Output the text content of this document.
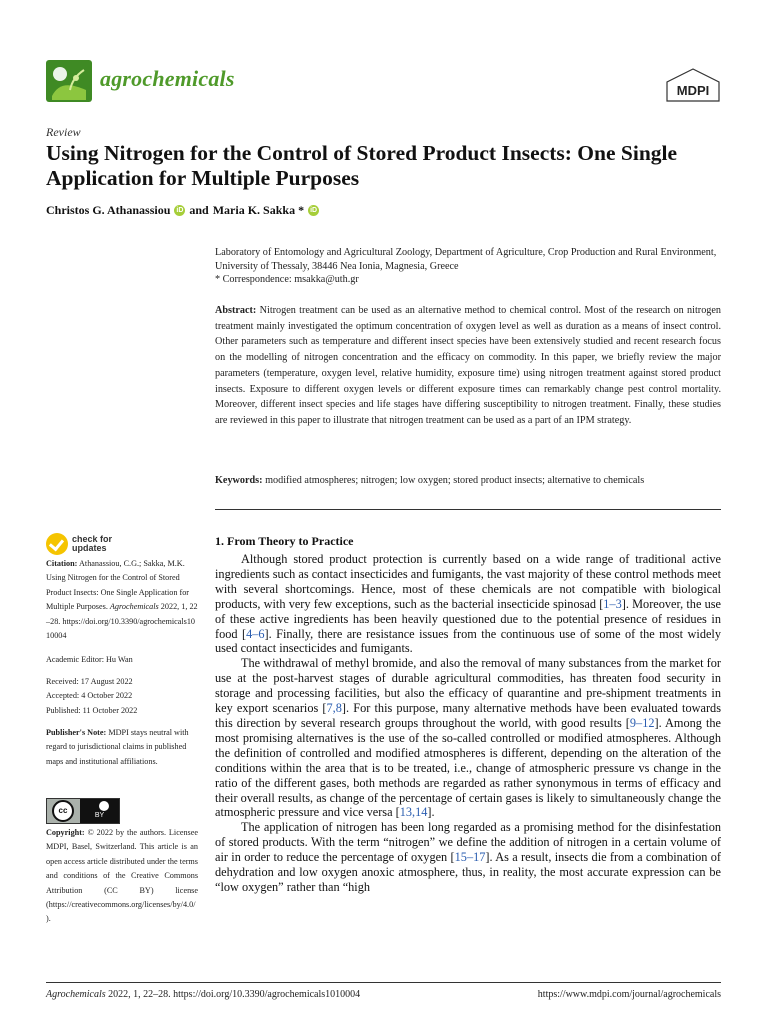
agrochemicals	MDPI
Review
Using Nitrogen for the Control of Stored Product Insects: One Single Application for Multiple Purposes
Christos G. Athanassiou iD and Maria K. Sakka * iD
Laboratory of Entomology and Agricultural Zoology, Department of Agriculture, Crop Production and Rural Environment, University of Thessaly, 38446 Nea Ionia, Magnesia, Greece
* Correspondence: msakka@uth.gr
Abstract: Nitrogen treatment can be used as an alternative method to chemical control. Most of the research on nitrogen treatment mainly investigated the optimum concentration of oxygen level as well as duration as a means of insect control. Other parameters such as temperature and different insect species have been extensively studied and recent research focus on the modelling of nitrogen concentration and the efficacy on commodity. In this paper, we briefly review the major parameters (temperature, oxygen level, relative humidity, exposure time) using nitrogen treatment against stored product insects. Exposure to different oxygen levels or different exposure times can remarkably change pest control mortality. Moreover, different insect species and life stages have differing susceptibility to nitrogen treatment. Finally, these studies are reviewed in this paper to illustrate that nitrogen treatment can be used as a part of an IPM strategy.
Keywords: modified atmospheres; nitrogen; low oxygen; stored product insects; alternative to chemicals
check for
updates
Citation: Athanassiou, C.G.; Sakka, M.K. Using Nitrogen for the Control of Stored Product Insects: One Single Application for Multiple Purposes. Agrochemicals 2022, 1, 22–28. https://doi.org/10.3390/agrochemicals1010004
Academic Editor: Hu Wan
Received: 17 August 2022
Accepted: 4 October 2022
Published: 11 October 2022
Publisher's Note: MDPI stays neutral with regard to jurisdictional claims in published maps and institutional affiliations.
cc
BY
Copyright: © 2022 by the authors. Licensee MDPI, Basel, Switzerland. This article is an open access article distributed under the terms and conditions of the Creative Commons Attribution (CC BY) license (https://creativecommons.org/licenses/by/4.0/).
1. From Theory to Practice

Although stored product protection is currently based on a wide range of traditional active ingredients such as contact insecticides and fumigants, the vast majority of these control methods meet with several shortcomings. Hence, most of these chemicals are not compatible with biological products, with very few exceptions, such as the bacterial insecticide spinosad [1–3]. Moreover, the use of these active ingredients has been heavily questioned due to the potential presence of residues in food [4–6]. Finally, there are resistance issues from the continuous use of some of the most widely used contact insecticides and fumigants.

The withdrawal of methyl bromide, and also the removal of many substances from the market for use at the post-harvest stages of durable agricultural commodities, has threaten food security in storage and processing facilities, but also the efficacy of quarantine and pre-shipment treatments in key export scenarios [7,8]. For this purpose, many alternative methods have been evaluated towards this direction by several research groups throughout the world, with good results [9–12]. Among the most promising alternatives is the use of the so-called controlled or modified atmospheres. Although the definition of controlled and modified atmospheres is different, depending on the alteration of the conditions within the area that is to be treated, i.e., change of atmospheric pressure vs change in the ratio of the different gases, both methods are regarded as rather synonymous in terms of efficacy and their overall results, as change of the percentage of certain gases is likely to simultaneously change the atmospheric pressure and vice versa [13,14].

The application of nitrogen has been long regarded as a promising method for the disinfestation of stored products. With the term “nitrogen” we define the addition of nitrogen in a certain volume of air in order to reduce the percentage of oxygen [15–17]. As a result, insects die from a combination of dehydration and low oxygen anoxic atmosphere, thus, in reality, the most accurate expression can be “low oxygen” rather than “high

Agrochemicals 2022, 1, 22–28. https://doi.org/10.3390/agrochemicals1010004	https://www.mdpi.com/journal/agrochemicals
